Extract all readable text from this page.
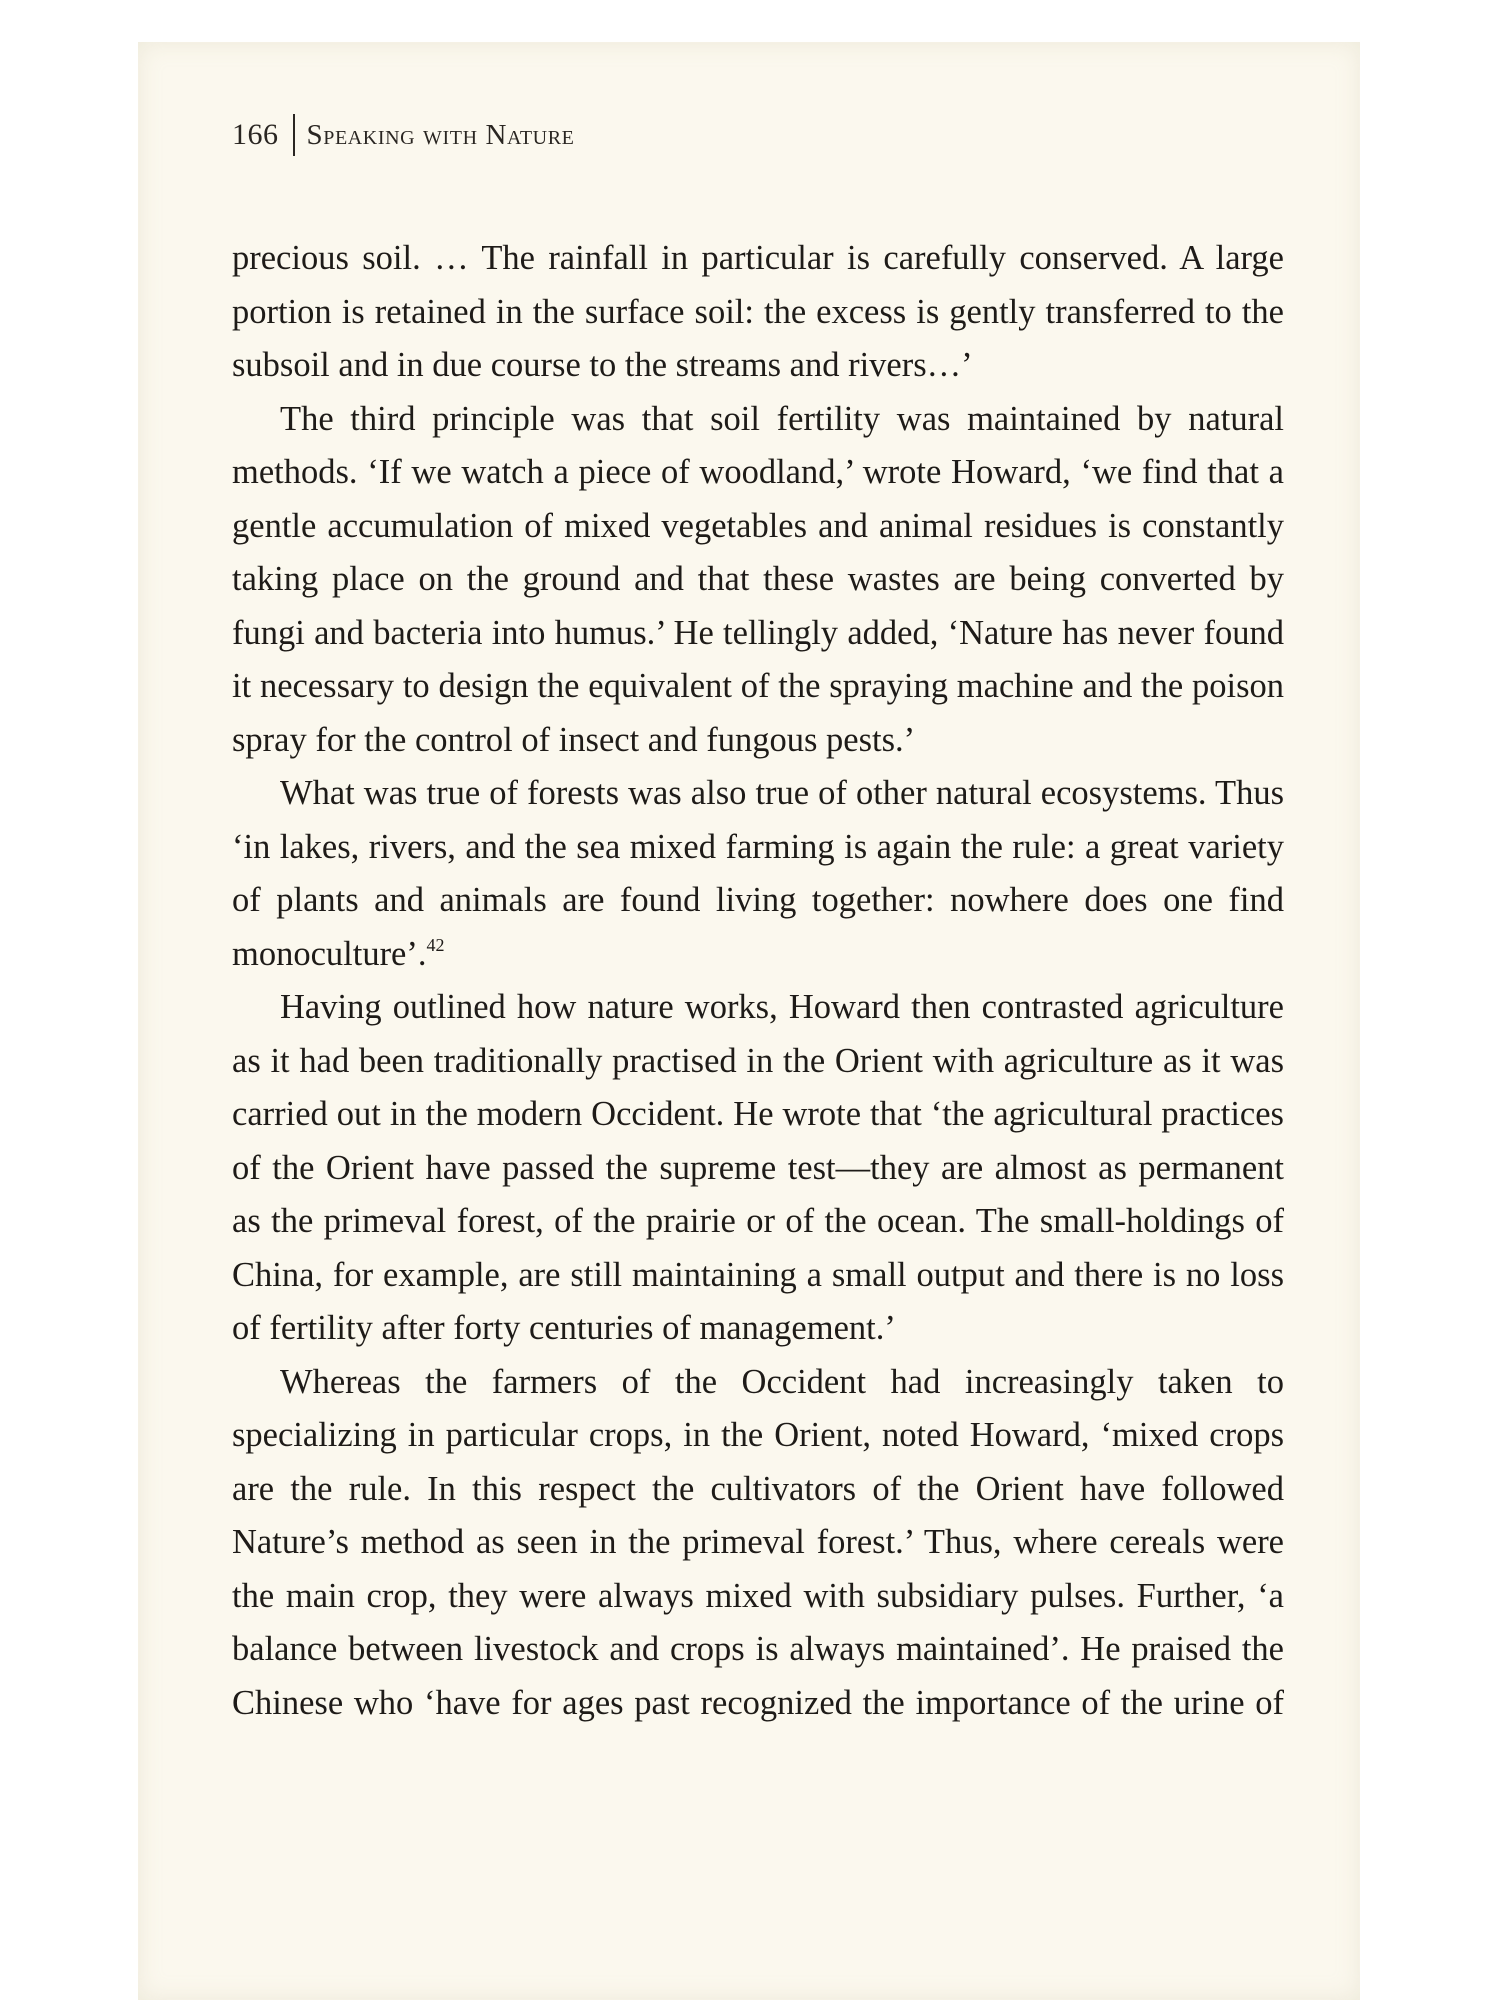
166 Speaking with Nature

precious soil. … The rainfall in particular is carefully conserved. A large portion is retained in the surface soil: the excess is gently transferred to the subsoil and in due course to the streams and rivers…’

The third principle was that soil fertility was maintained by natural methods. ‘If we watch a piece of woodland,’ wrote Howard, ‘we find that a gentle accumulation of mixed vegetables and animal residues is constantly taking place on the ground and that these wastes are being converted by fungi and bacteria into humus.’ He tellingly added, ‘Nature has never found it necessary to design the equivalent of the spraying machine and the poison spray for the control of insect and fungous pests.’

What was true of forests was also true of other natural ecosystems. Thus ‘in lakes, rivers, and the sea mixed farming is again the rule: a great variety of plants and animals are found living together: nowhere does one find monoculture’.$^{42}$

Having outlined how nature works, Howard then contrasted agriculture as it had been traditionally practised in the Orient with agriculture as it was carried out in the modern Occident. He wrote that ‘the agricultural practices of the Orient have passed the supreme test—they are almost as permanent as the primeval forest, of the prairie or of the ocean. The small-holdings of China, for example, are still maintaining a small output and there is no loss of fertility after forty centuries of management.’

Whereas the farmers of the Occident had increasingly taken to specializing in particular crops, in the Orient, noted Howard, ‘mixed crops are the rule. In this respect the cultivators of the Orient have followed Nature’s method as seen in the primeval forest.’ Thus, where cereals were the main crop, they were always mixed with subsidiary pulses. Further, ‘a balance between livestock and crops is always maintained’. He praised the Chinese who ‘have for ages past recognized the importance of the urine of
